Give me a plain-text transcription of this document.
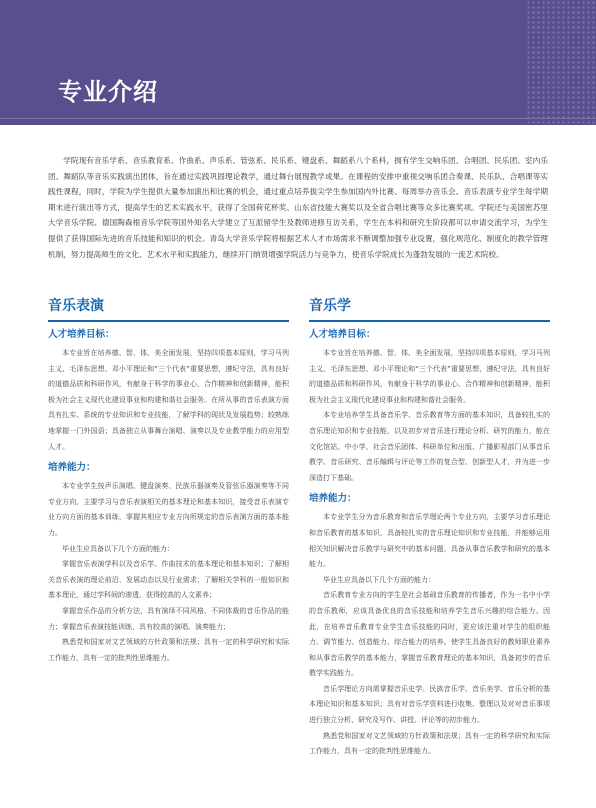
专业介绍
学院现有音乐学系、音乐教育系、作曲系、声乐系、管弦系、民乐系、键盘系、舞蹈系八个系科，拥有学生交响乐团、合唱团、民乐团、室内乐团、舞蹈队等音乐实践演出团体，旨在通过实践巩固理论教学，通过舞台展现教学成果。在课程的安排中重视交响乐团合奏课、民乐队、合唱课等实践性课程，同时，学院为学生提供大量参加演出和比赛的机会，通过重点培养拔尖学生参加国内外比赛、每周举办音乐会、音乐表演专业学生每学期期末进行演出等方式，提高学生的艺术实践水平，获得了全国荷花杯奖、山东省技能大赛奖以及全省合唱比赛等众多比赛奖项。学院还与美国密苏里大学音乐学院、德国陶森根音乐学院等国外知名大学建立了互派留学生及教师进修互访关系，学生在本科和研究生阶段都可以申请交流学习，为学生提供了获得国际先进的音乐技能和知识的机会。青岛大学音乐学院将根据艺术人才市场需求不断调整加强专业设置，强化规范化、制度化的教学管理机制，努力提高师生的文化、艺术水平和实践能力，继续开门纳贤增强学院活力与竞争力，使音乐学院成长为蓬勃发展的一流艺术院校。
音乐表演
人才培养目标：

本专业旨在培养德、智、体、美全面发展，坚持四项基本原则，学习马列主义、毛泽东思想、邓小平理论和“三个代表”重要思想，遵纪守法，具有良好的道德品质和科研作风，有献身于科学的事业心、合作精神和创新精神，能积极为社会主义现代化建设事业和构建和谐社会服务。在所从事的音乐表演方面具有扎实、系统的专业知识和专业技能，了解学科的现状及发展趋势；较熟练地掌握一门外国语；具备独立从事舞台演唱、演奏以及专业教学能力的应用型人才。

培养能力：

本专业学生按声乐演唱、键盘演奏、民族乐器演奏及管弦乐器演奏等不同专业方向，主要学习与音乐表演相关的基本理论和基本知识，接受音乐表演专业方向方面的基本训练，掌握其相应专业方向所规定的音乐表演方面的基本能力。

毕业生应具备以下几个方面的能力：

掌握音乐表演学科以及音乐学、作曲技术的基本理论和基本知识；了解相关音乐表演的理论前沿、发展动态以及行业需求；了解相关学科的一般知识和基本理论，通过学科间的渗透，获得较高的人文素养；

掌握音乐作品的分析方法，具有演绎不同风格、不同体裁的音乐作品的能力；掌握音乐表演技能训练，具有较高的演唱、演奏能力；

熟悉党和国家对文艺领域的方针政策和法规；具有一定的科学研究和实际工作能力，具有一定的批判性思维能力。

音乐学
人才培养目标：

本专业旨在培养德、智、体、美全面发展，坚持四项基本原则，学习马列主义、毛泽东思想、邓小平理论和“三个代表”重要思想，遵纪守法，具有良好的道德品质和科研作风，有献身于科学的事业心、合作精神和创新精神，能积极为社会主义现代化建设事业和构建和谐社会服务。

本专业培养学生具备音乐学、音乐教育等方面的基本知识，具备较扎实的音乐理论知识和专业技能，以及初步对音乐进行理论分析、研究的能力，能在文化馆站、中小学、社会音乐团体、科研单位和出版、广播影视部门从事音乐教学、音乐研究、音乐编辑与评论等工作的复合型、创新型人才，并为进一步深造打下基础。

培养能力：

本专业学生分为音乐教育和音乐学理论两个专业方向，主要学习音乐理论和音乐教育的基本知识，具备较扎实的音乐理论知识和专业技能，并能够运用相关知识解决音乐教学与研究中的基本问题，具备从事音乐教学和研究的基本能力。

毕业生应具备以下几个方面的能力：

音乐教育专业方向的学生是社会基础音乐教育的传播者，作为一名中小学的音乐教师，应该具备优良的音乐技能和培养学生音乐兴趣的综合能力。因此，在培养音乐教育专业学生音乐技能的同时，更应该注重对学生的组织能力、调节能力、创造能力、综合能力的培养。使学生具备良好的教师职业素养和从事音乐教学的基本能力，掌握音乐教育理论的基本知识，具备初步的音乐教学实践能力。

音乐学理论方向需掌握音乐史学、民族音乐学、音乐美学、音乐分析的基本理论知识和基本知识；具有对音乐学资料进行收集、整理以及对对音乐事项进行独立分析、研究及写作、讲授、评论等的初步能力。

熟悉党和国家对文艺领域的方针政策和法规；具有一定的科学研究和实际工作能力，具有一定的批判性思维能力。
